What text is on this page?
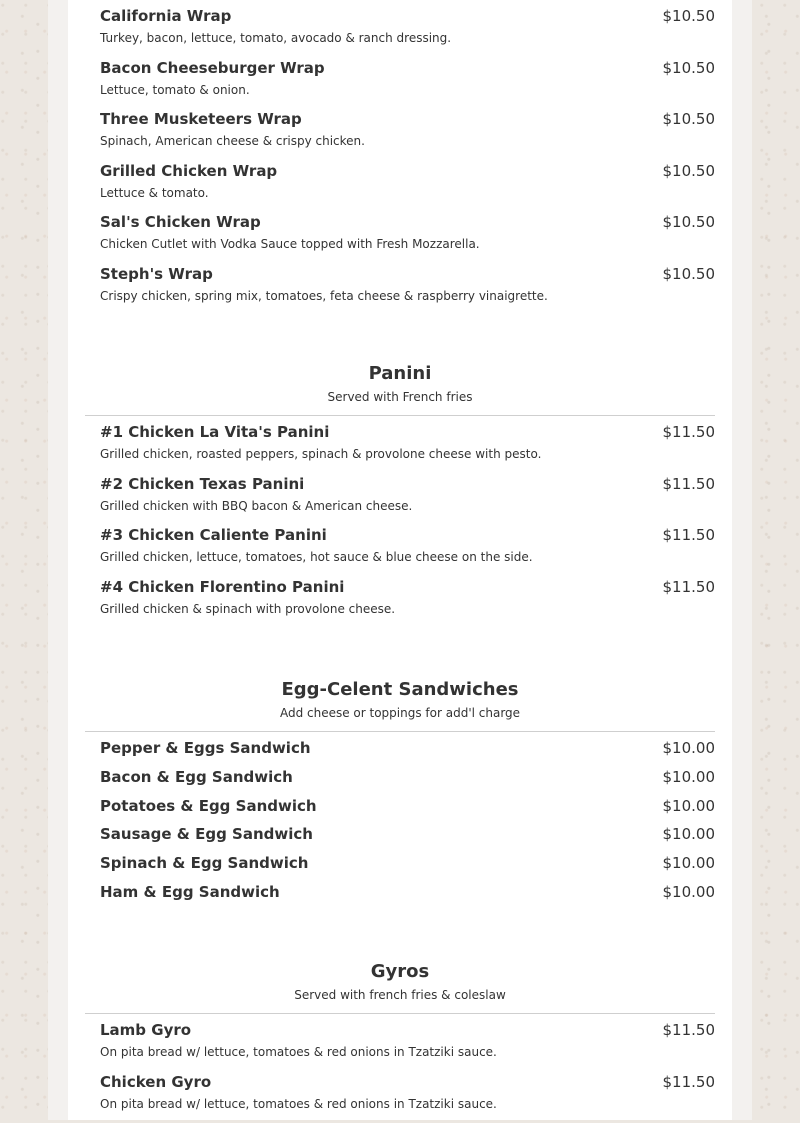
California Wrap	$10.50
Turkey, bacon, lettuce, tomato, avocado & ranch dressing.
Bacon Cheeseburger Wrap	$10.50
Lettuce, tomato & onion.
Three Musketeers Wrap	$10.50
Spinach, American cheese & crispy chicken.
Grilled Chicken Wrap	$10.50
Lettuce & tomato.
Sal's Chicken Wrap	$10.50
Chicken Cutlet with Vodka Sauce topped with Fresh Mozzarella.
Steph's Wrap	$10.50
Crispy chicken, spring mix, tomatoes, feta cheese & raspberry vinaigrette.
Panini
Served with French fries
#1 Chicken La Vita's Panini	$11.50
Grilled chicken, roasted peppers, spinach & provolone cheese with pesto.
#2 Chicken Texas Panini	$11.50
Grilled chicken with BBQ bacon & American cheese.
#3 Chicken Caliente Panini	$11.50
Grilled chicken, lettuce, tomatoes, hot sauce & blue cheese on the side.
#4 Chicken Florentino Panini	$11.50
Grilled chicken & spinach with provolone cheese.
Egg-Celent Sandwiches
Add cheese or toppings for add'l charge
Pepper & Eggs Sandwich	$10.00
Bacon & Egg Sandwich	$10.00
Potatoes & Egg Sandwich	$10.00
Sausage & Egg Sandwich	$10.00
Spinach & Egg Sandwich	$10.00
Ham & Egg Sandwich	$10.00
Gyros
Served with french fries & coleslaw
Lamb Gyro	$11.50
On pita bread w/ lettuce, tomatoes & red onions in Tzatziki sauce.
Chicken Gyro	$11.50
On pita bread w/ lettuce, tomatoes & red onions in Tzatziki sauce.
